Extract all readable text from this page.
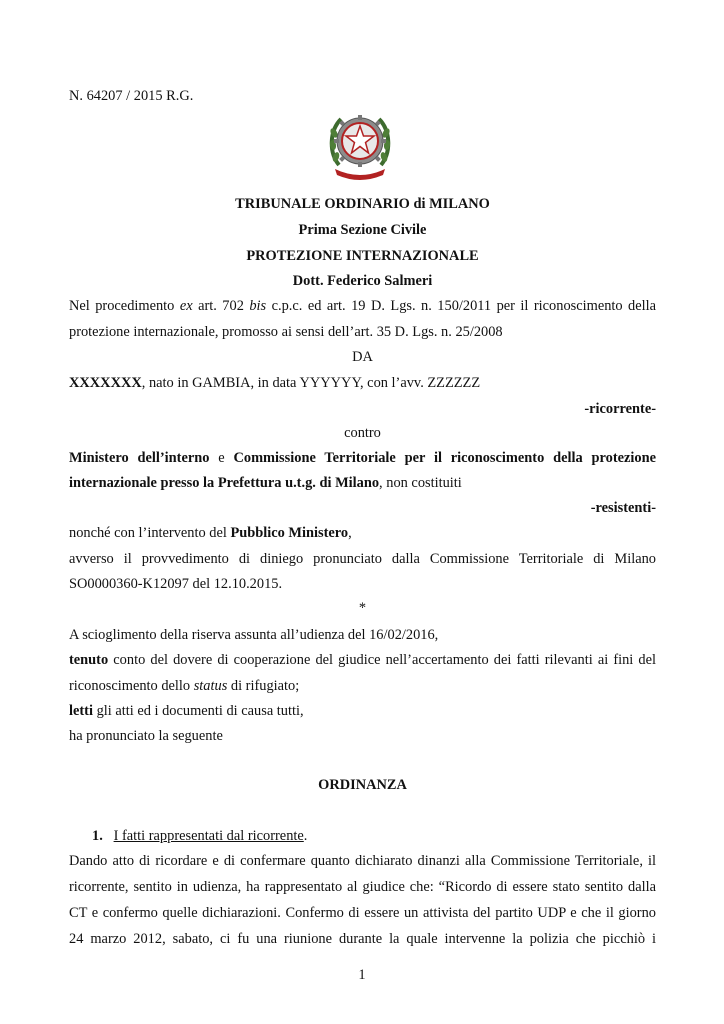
N. 64207 / 2015 R.G.
TRIBUNALE ORDINARIO di MILANO
Prima Sezione Civile
PROTEZIONE INTERNAZIONALE
Dott. Federico Salmeri
Nel procedimento ex art. 702 bis c.p.c. ed art. 19 D. Lgs. n. 150/2011 per il riconoscimento della
protezione internazionale, promosso ai sensi dell’art. 35 D. Lgs. n. 25/2008
DA
XXXXXXX, nato in GAMBIA, in data YYYYYY, con l’avv. ZZZZZZ
-ricorrente-
contro
Ministero dell’interno e Commissione Territoriale per il riconoscimento della protezione
internazionale presso la Prefettura u.t.g. di Milano, non costituiti
-resistenti-
nonché con l’intervento del Pubblico Ministero,
avverso il provvedimento di diniego pronunciato dalla Commissione Territoriale di Milano
SO0000360-K12097 del 12.10.2015.
*
A scioglimento della riserva assunta all’udienza del 16/02/2016,
tenuto conto del dovere di cooperazione del giudice nell’accertamento dei fatti rilevanti ai fini del
riconoscimento dello status di rifugiato;
letti gli atti ed i documenti di causa tutti,
ha pronunciato la seguente
ORDINANZA
1. I fatti rappresentati dal ricorrente.
Dando atto di ricordare e di confermare quanto dichiarato dinanzi alla Commissione Territoriale, il
ricorrente, sentito in udienza, ha rappresentato al giudice che: “Ricordo di essere stato sentito dalla
CT e confermo quelle dichiarazioni. Confermo di essere un attivista del partito UDP e che il giorno
24 marzo 2012, sabato, ci fu una riunione durante la quale intervenne la polizia che picchiò i
1
